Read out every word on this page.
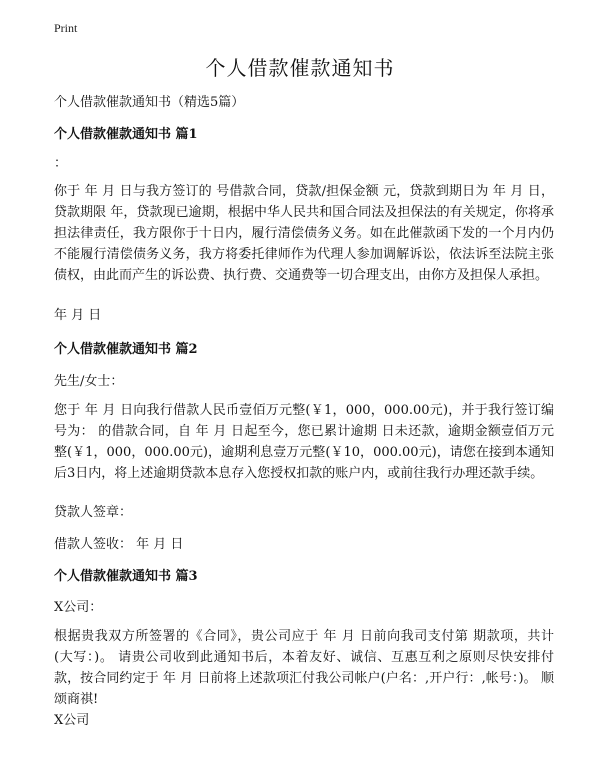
Print
个人借款催款通知书

个人借款催款通知书（精选5篇）

个人借款催款通知书 篇1

：

你于 年 月 日与我方签订的 号借款合同，贷款/担保金额 元，贷款到期日为 年 月 日，贷款期限 年，贷款现已逾期，根据中华人民共和国合同法及担保法的有关规定，你将承担法律责任，我方限你于十日内，履行清偿债务义务。如在此催款函下发的一个月内仍不能履行清偿债务义务，我方将委托律师作为代理人参加调解诉讼，依法诉至法院主张债权，由此而产生的诉讼费、执行费、交通费等一切合理支出，由你方及担保人承担。

年 月 日

个人借款催款通知书 篇2

先生/女士：

您于 年 月 日向我行借款人民币壹佰万元整(￥1，000，000.00元)，并于我行签订编号为： 的借款合同，自 年 月 日起至今，您已累计逾期 日未还款，逾期金额壹佰万元整(￥1，000，000.00元)，逾期利息壹万元整(￥10，000.00元)，请您在接到本通知后3日内，将上述逾期贷款本息存入您授权扣款的账户内，或前往我行办理还款手续。

贷款人签章：

借款人签收： 年 月 日

个人借款催款通知书 篇3

X公司：

根据贵我双方所签署的《合同》，贵公司应于 年 月 日前向我司支付第 期款项，共计 (大写：)。 请贵公司收到此通知书后，本着友好、诚信、互惠互利之原则尽快安排付款，按合同约定于 年 月 日前将上述款项汇付我公司帐户(户名：,开户行：,帐号：)。 顺颂商祺!

X公司
